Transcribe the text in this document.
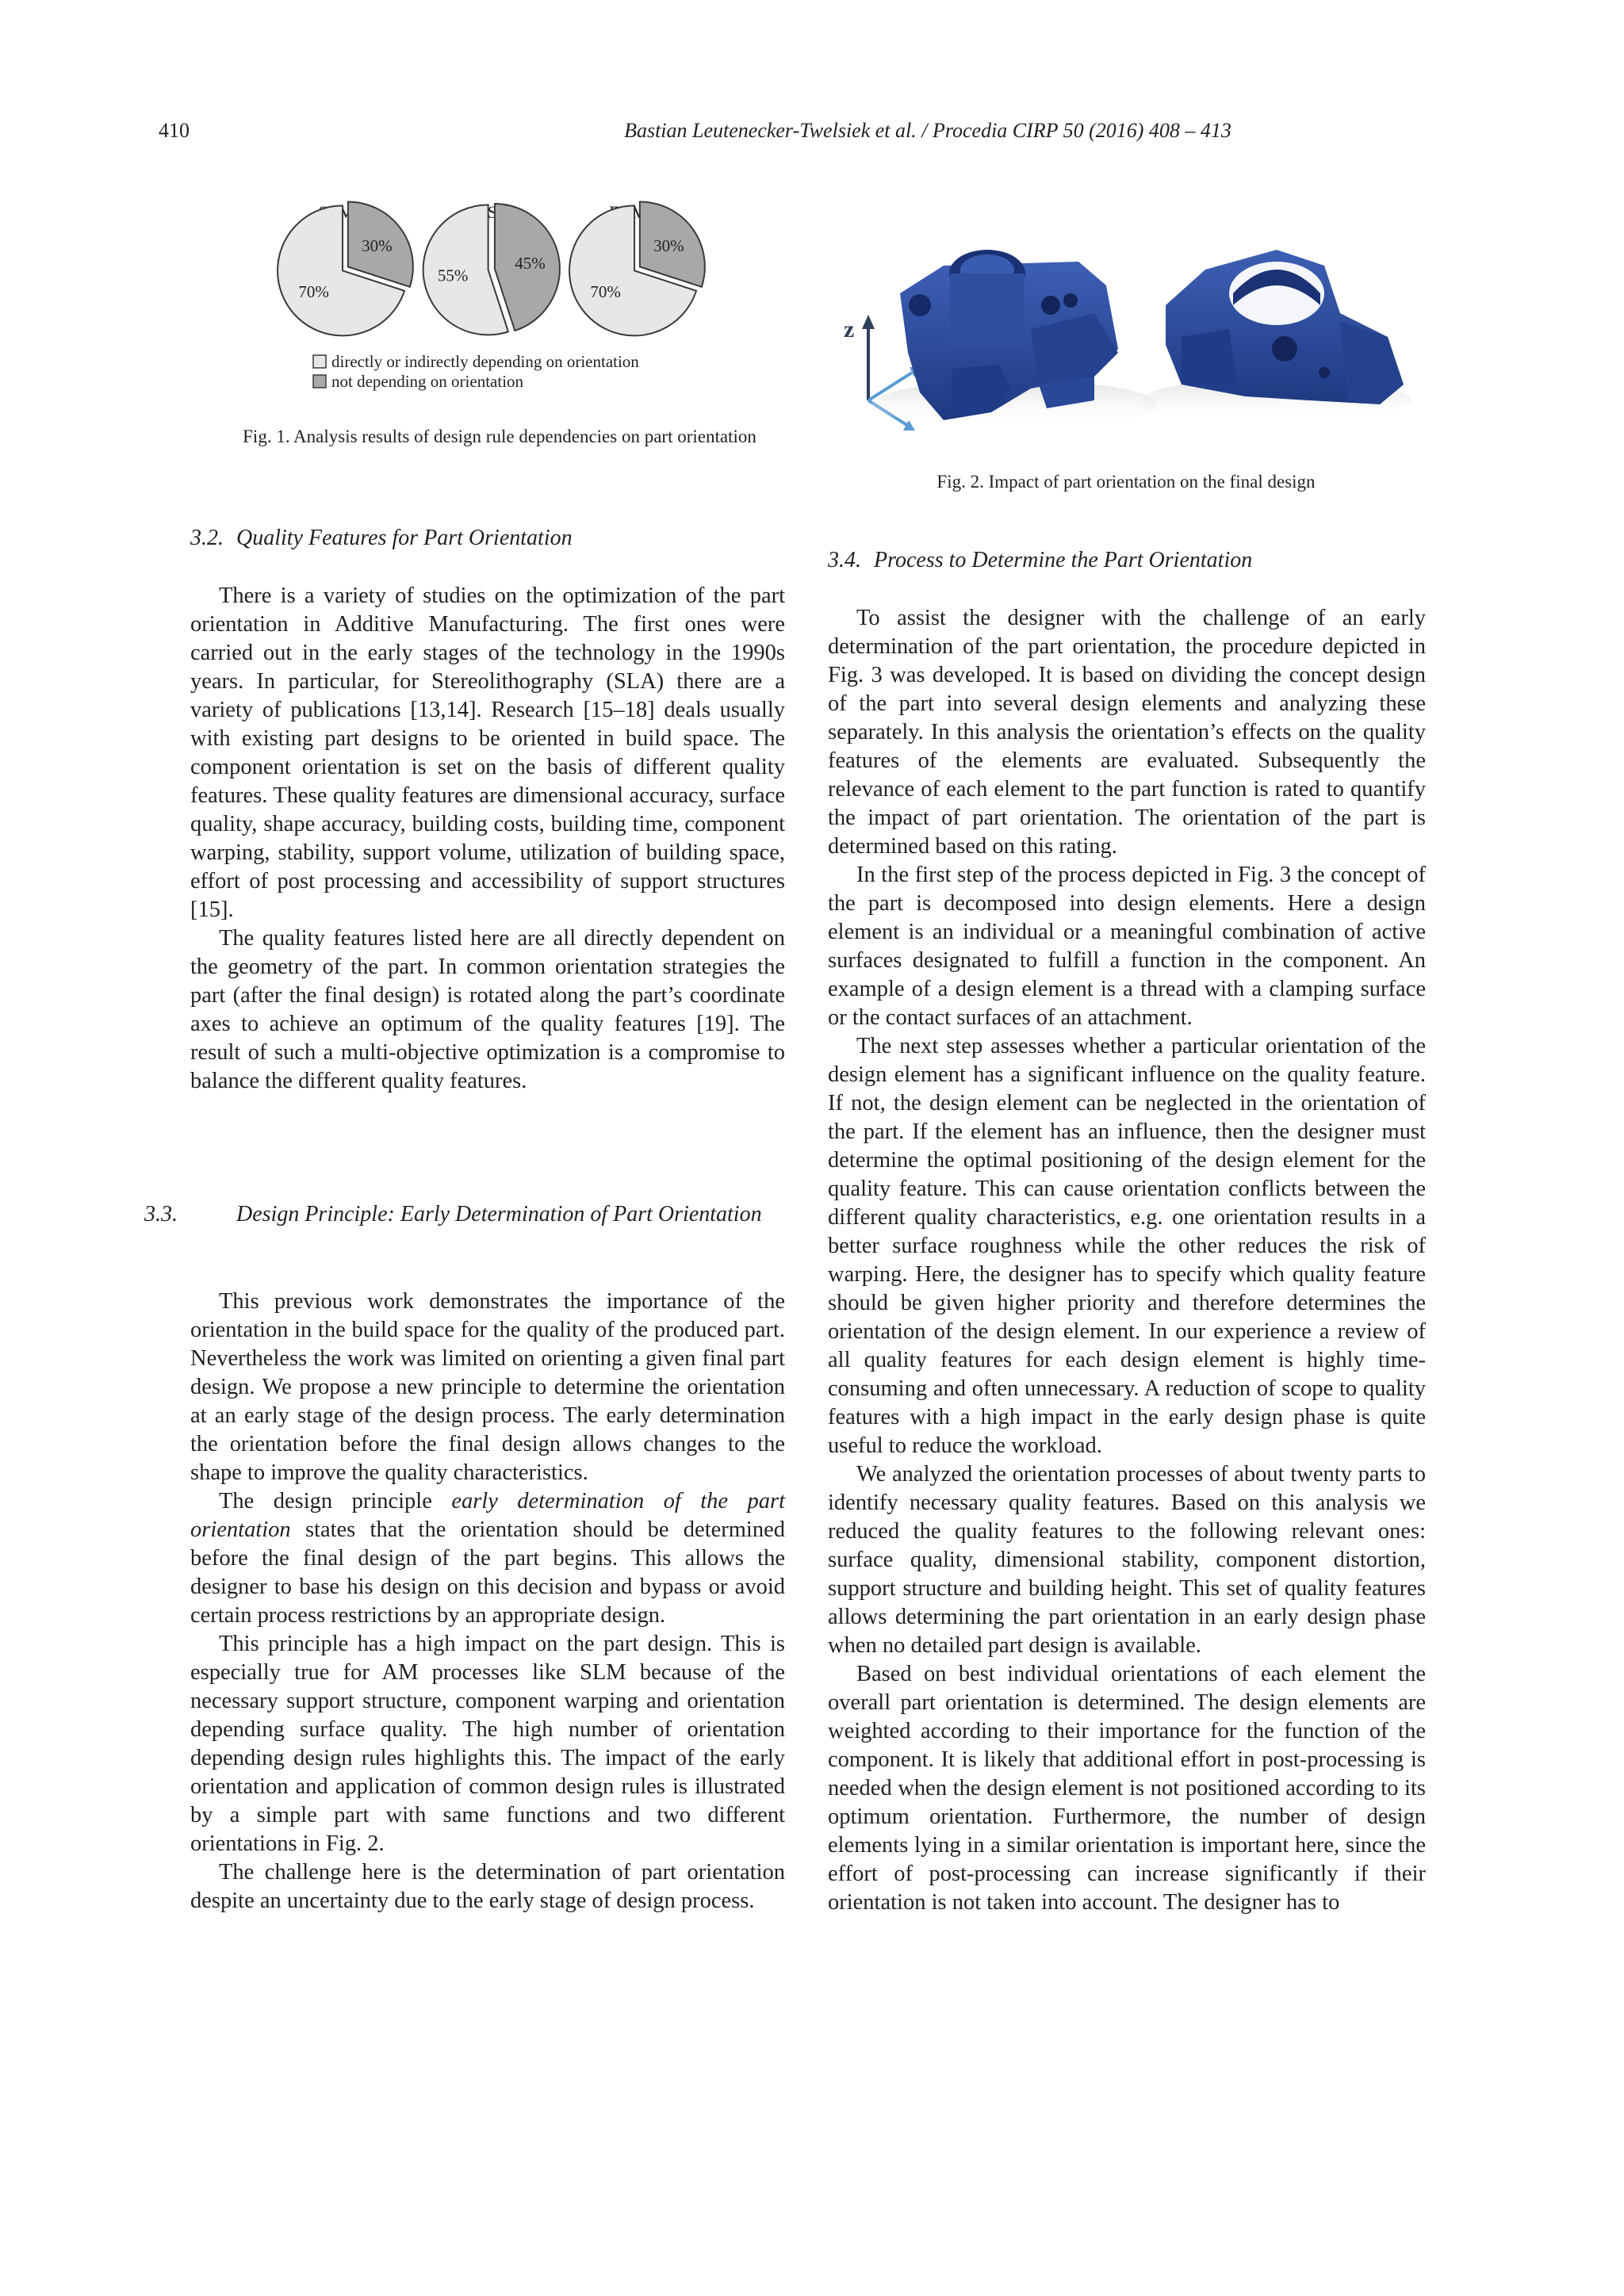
410	Bastian Leutenecker-Twelsiek et al. / Procedia CIRP 50 (2016) 408 – 413
30%
70%
45%
55%
30%
70%
directly or indirectly depending on orientation
not depending on orientation
Fig. 1. Analysis results of design rule dependencies on part orientation
z
Fig. 2. Impact of part orientation on the final design
3.2. Quality Features for Part Orientation

There is a variety of studies on the optimization of the part orientation in Additive Manufacturing. The first ones were carried out in the early stages of the technology in the 1990s years. In particular, for Stereolithography (SLA) there are a variety of publications [13,14]. Research [15–18] deals usually with existing part designs to be oriented in build space. The component orientation is set on the basis of different quality features. These quality features are dimensional accuracy, surface quality, shape accuracy, building costs, building time, component warping, stability, support volume, utilization of building space, effort of post processing and accessibility of support structures [15].

The quality features listed here are all directly dependent on the geometry of the part. In common orientation strategies the part (after the final design) is rotated along the part’s coordinate axes to achieve an optimum of the quality features [19]. The result of such a multi-objective optimization is a compromise to balance the different quality features.

3.3.	Design Principle: Early Determination of Part Orientation

This previous work demonstrates the importance of the orientation in the build space for the quality of the produced part. Nevertheless the work was limited on orienting a given final part design. We propose a new principle to determine the orientation at an early stage of the design process. The early determination the orientation before the final design allows changes to the shape to improve the quality characteristics.

The design principle early determination of the part orientation states that the orientation should be determined before the final design of the part begins. This allows the designer to base his design on this decision and bypass or avoid certain process restrictions by an appropriate design.

This principle has a high impact on the part design. This is especially true for AM processes like SLM because of the necessary support structure, component warping and orientation depending surface quality. The high number of orientation depending design rules highlights this. The impact of the early orientation and application of common design rules is illustrated by a simple part with same functions and two different orientations in Fig. 2.

The challenge here is the determination of part orientation despite an uncertainty due to the early stage of design process.

3.4. Process to Determine the Part Orientation

To assist the designer with the challenge of an early determination of the part orientation, the procedure depicted in Fig. 3 was developed. It is based on dividing the concept design of the part into several design elements and analyzing these separately. In this analysis the orientation’s effects on the quality features of the elements are evaluated. Subsequently the relevance of each element to the part function is rated to quantify the impact of part orientation. The orientation of the part is determined based on this rating.

In the first step of the process depicted in Fig. 3 the concept of the part is decomposed into design elements. Here a design element is an individual or a meaningful combination of active surfaces designated to fulfill a function in the component. An example of a design element is a thread with a clamping surface or the contact surfaces of an attachment.

The next step assesses whether a particular orientation of the design element has a significant influence on the quality feature. If not, the design element can be neglected in the orientation of the part. If the element has an influence, then the designer must determine the optimal positioning of the design element for the quality feature. This can cause orientation conflicts between the different quality characteristics, e.g. one orientation results in a better surface roughness while the other reduces the risk of warping. Here, the designer has to specify which quality feature should be given higher priority and therefore determines the orientation of the design element. In our experience a review of all quality features for each design element is highly time-consuming and often unnecessary. A reduction of scope to quality features with a high impact in the early design phase is quite useful to reduce the workload.

We analyzed the orientation processes of about twenty parts to identify necessary quality features. Based on this analysis we reduced the quality features to the following relevant ones: surface quality, dimensional stability, component distortion, support structure and building height. This set of quality features allows determining the part orientation in an early design phase when no detailed part design is available.

Based on best individual orientations of each element the overall part orientation is determined. The design elements are weighted according to their importance for the function of the component. It is likely that additional effort in post-processing is needed when the design element is not positioned according to its optimum orientation. Furthermore, the number of design elements lying in a similar orientation is important here, since the effort of post-processing can increase significantly if their orientation is not taken into account. The designer has to
